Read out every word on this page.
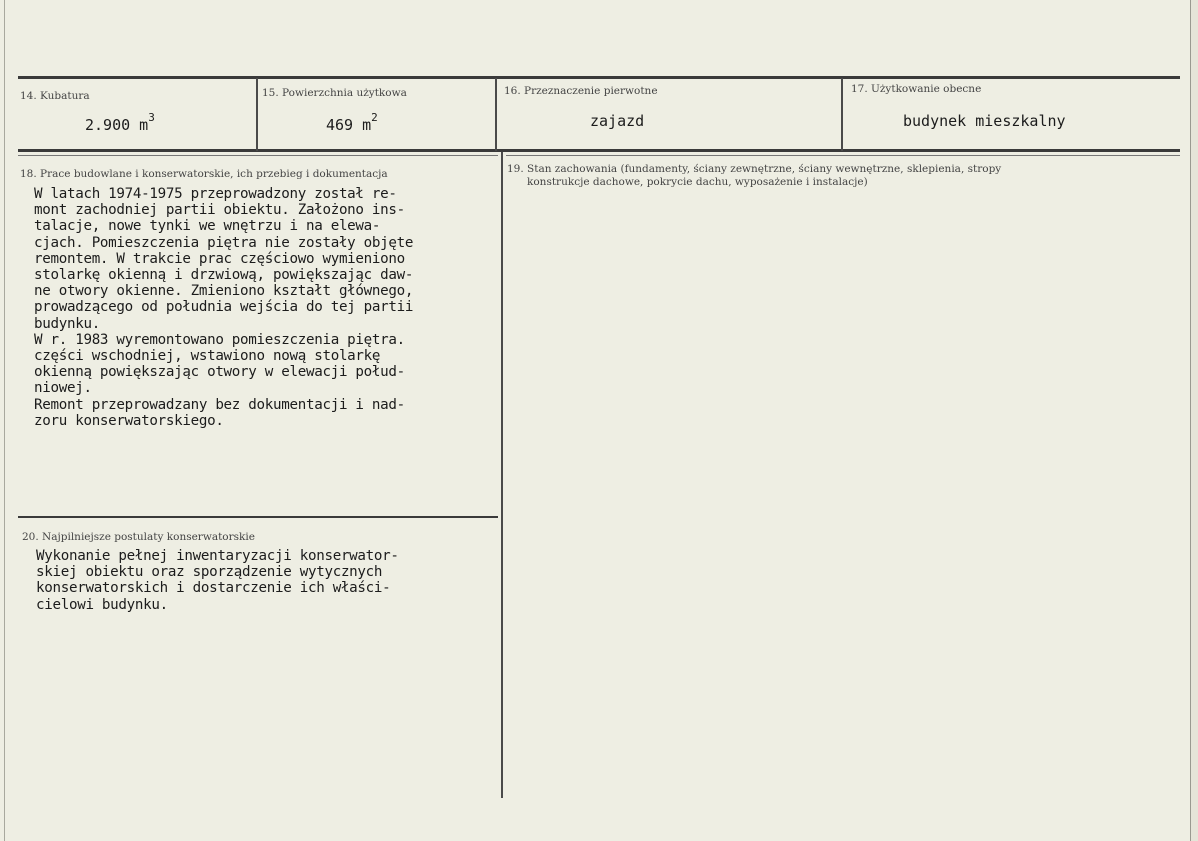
14. Kubatura
2.900 $m^3$
15. Powierzchnia użytkowa
469 $m^2$
16. Przeznaczenie pierwotne
zajazd
17. Użytkowanie obecne
budynek mieszkalny
18. Prace budowlane i konserwatorskie, ich przebieg i dokumentacja
W latach 1974-1975 przeprowadzony został re-
mont zachodniej partii obiektu. Założono ins-
talacje, nowe tynki we wnętrzu i na elewa-
cjach. Pomieszczenia piętra nie zostały objęte
remontem. W trakcie prac częściowo wymieniono
stolarkę okienną i drzwiową, powiększając daw-
ne otwory okienne. Zmieniono kształt głównego,
prowadzącego od południa wejścia do tej partii
budynku.
W r. 1983 wyremontowano pomieszczenia piętra.
części wschodniej, wstawiono nową stolarkę
okienną powiększając otwory w elewacji połud-
niowej.
Remont przeprowadzany bez dokumentacji i nad-
zoru konserwatorskiego.
19. Stan zachowania (fundamenty, ściany zewnętrzne, ściany wewnętrzne, sklepienia, stropy
konstrukcje dachowe, pokrycie dachu, wyposażenie i instalacje)
20. Najpilniejsze postulaty konserwatorskie
Wykonanie pełnej inwentaryzacji konserwator-
skiej obiektu oraz sporządzenie wytycznych
konserwatorskich i dostarczenie ich właści-
cielowi budynku.
